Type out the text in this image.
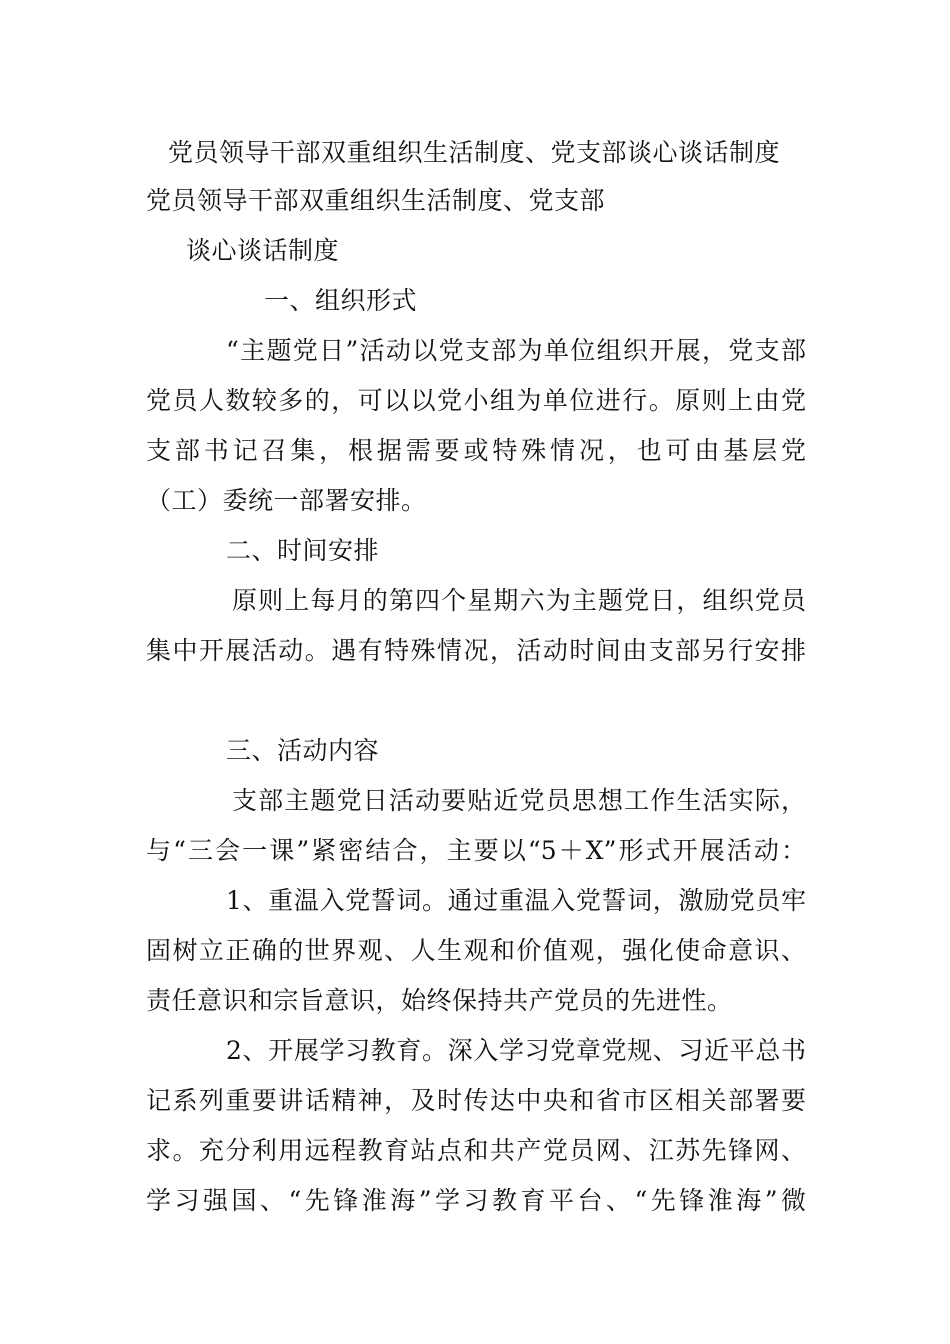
党员领导干部双重组织生活制度、党支部谈心谈话制度
党员领导干部双重组织生活制度、党支部
谈心谈话制度
一、组织形式
“主题党日”活动以党支部为单位组织开展，党支部
党员人数较多的，可以以党小组为单位进行。原则上由党
支部书记召集，根据需要或特殊情况，也可由基层党
（工）委统一部署安排。
二、时间安排
原则上每月的第四个星期六为主题党日，组织党员
集中开展活动。遇有特殊情况，活动时间由支部另行安排
三、活动内容
支部主题党日活动要贴近党员思想工作生活实际，
与“三会一课”紧密结合，主要以“5＋X”形式开展活动：
1、重温入党誓词。通过重温入党誓词，激励党员牢
固树立正确的世界观、人生观和价值观，强化使命意识、
责任意识和宗旨意识，始终保持共产党员的先进性。
2、开展学习教育。深入学习党章党规、习近平总书
记系列重要讲话精神，及时传达中央和省市区相关部署要
求。充分利用远程教育站点和共产党员网、江苏先锋网、
学习强国、“先锋淮海”学习教育平台、“先锋淮海”微
